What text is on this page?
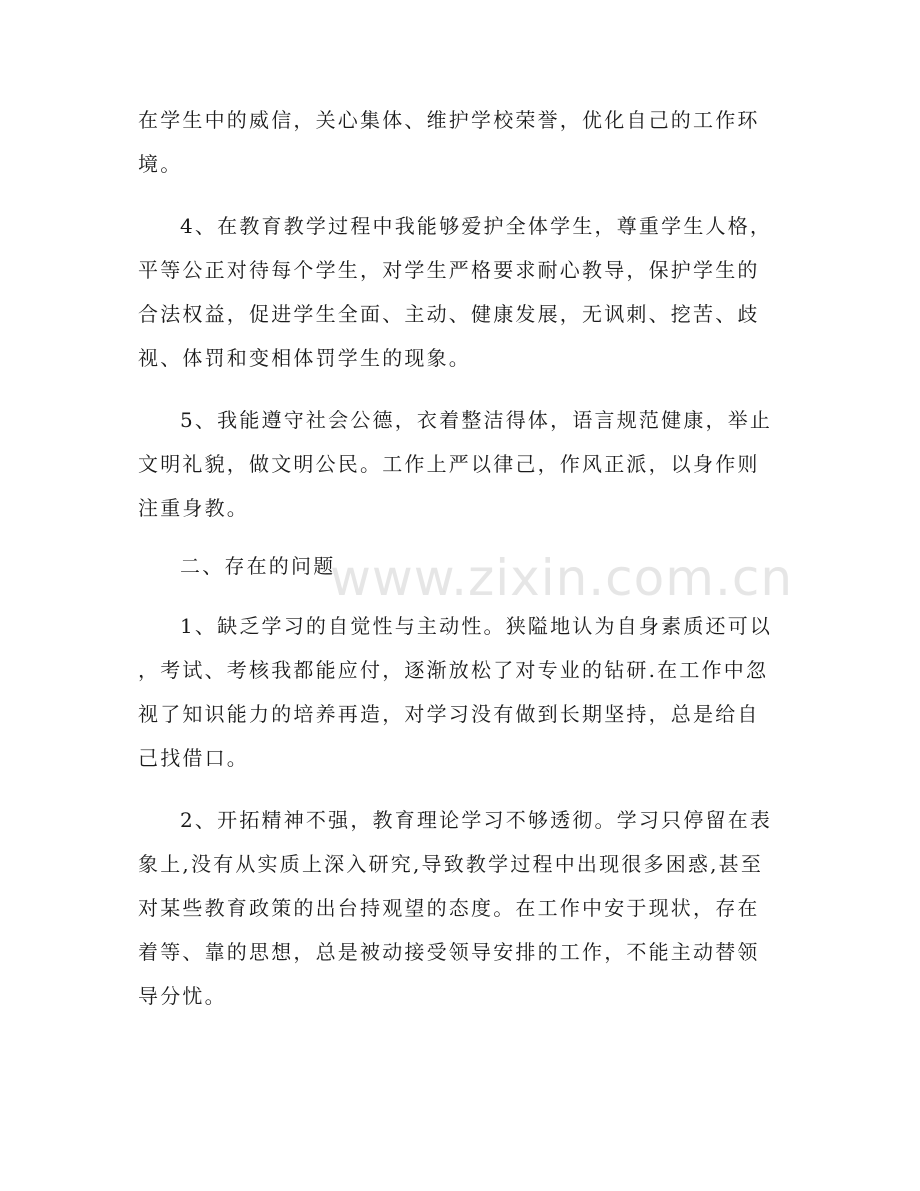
www.zixin.com.cn
在学生中的威信，关心集体、维护学校荣誉，优化自己的工作环
境。
4、在教育教学过程中我能够爱护全体学生，尊重学生人格，
平等公正对待每个学生，对学生严格要求耐心教导，保护学生的
合法权益，促进学生全面、主动、健康发展，无讽刺、挖苦、歧
视、体罚和变相体罚学生的现象。
5、我能遵守社会公德，衣着整洁得体，语言规范健康，举止
文明礼貌，做文明公民。工作上严以律己，作风正派，以身作则
注重身教。
二、存在的问题
1、缺乏学习的自觉性与主动性。狭隘地认为自身素质还可以
，考试、考核我都能应付，逐渐放松了对专业的钻研.在工作中忽
视了知识能力的培养再造，对学习没有做到长期坚持，总是给自
己找借口。
2、开拓精神不强，教育理论学习不够透彻。学习只停留在表
象上,没有从实质上深入研究,导致教学过程中出现很多困惑,甚至
对某些教育政策的出台持观望的态度。在工作中安于现状，存在
着等、靠的思想，总是被动接受领导安排的工作，不能主动替领
导分忧。
